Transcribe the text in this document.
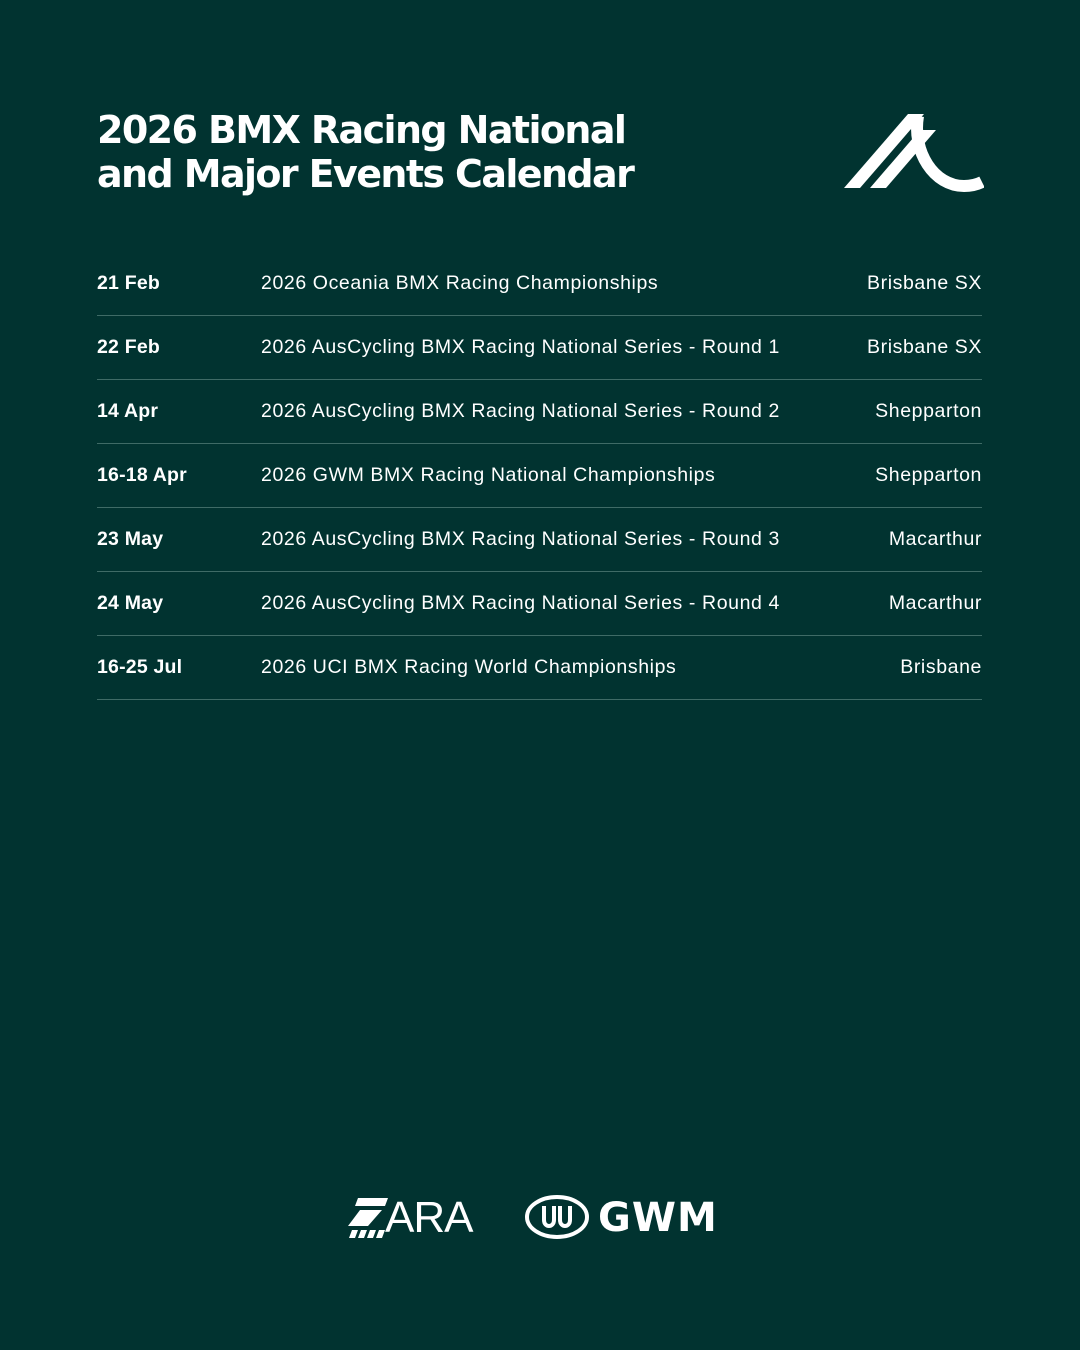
2026 BMX Racing National
and Major Events Calendar
21 Feb	2026 Oceania BMX Racing Championships	Brisbane SX
22 Feb	2026 AusCycling BMX Racing National Series - Round 1	Brisbane SX
14 Apr	2026 AusCycling BMX Racing National Series - Round 2	Shepparton
16-18 Apr	2026 GWM BMX Racing National Championships	Shepparton
23 May	2026 AusCycling BMX Racing National Series - Round 3	Macarthur
24 May	2026 AusCycling BMX Racing National Series - Round 4	Macarthur
16-25 Jul	2026 UCI BMX Racing World Championships	Brisbane
ARA	GWM
